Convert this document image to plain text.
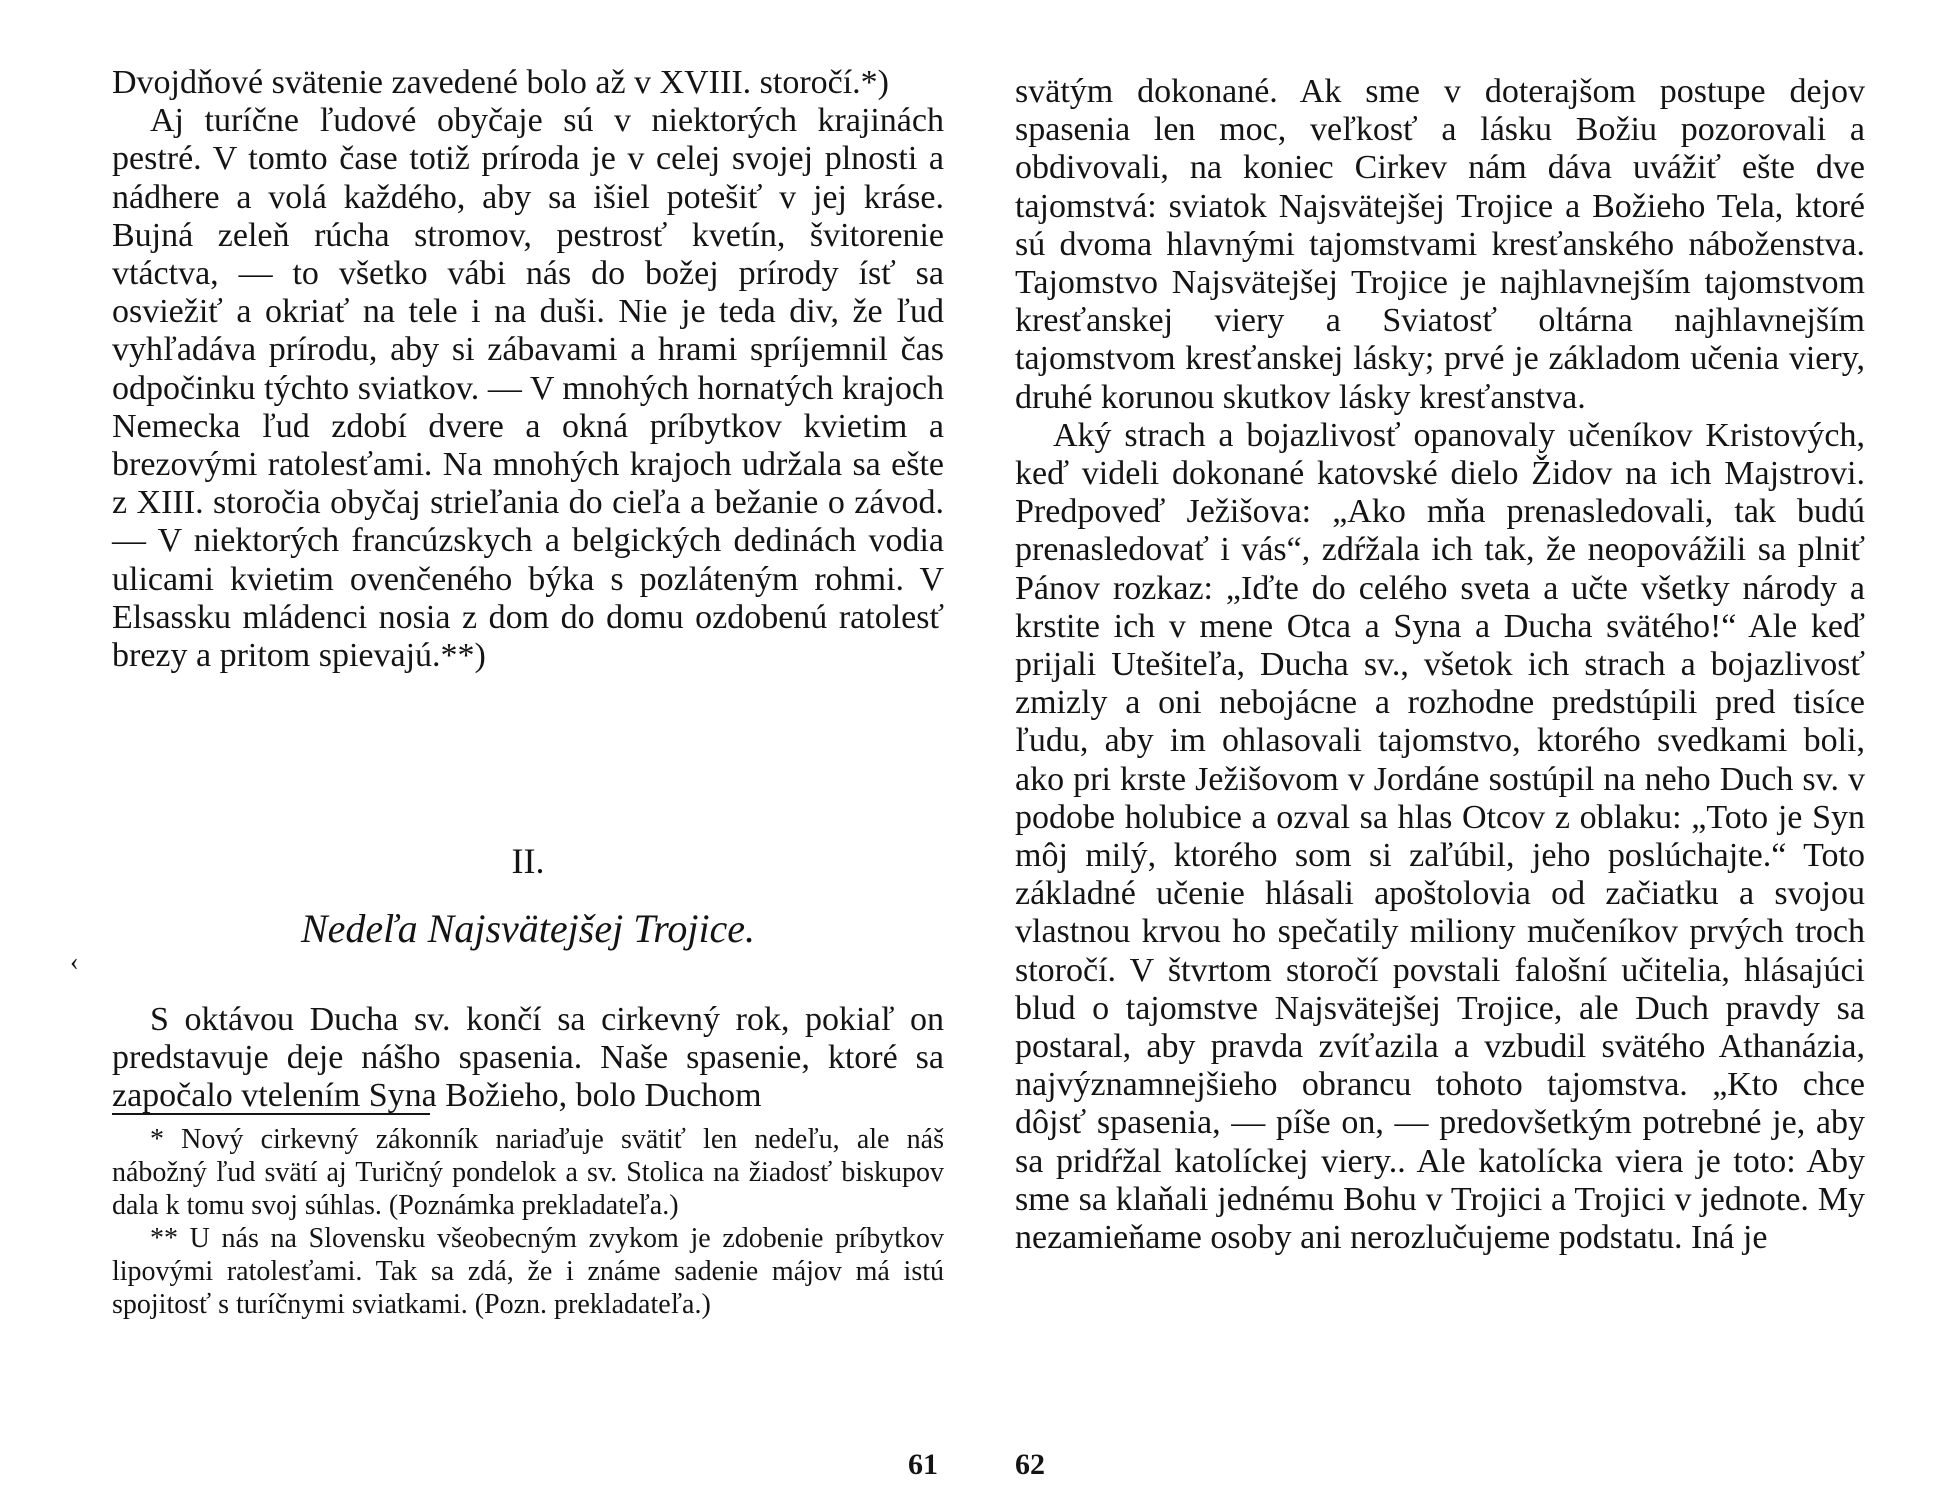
Dvojdňové svätenie zavedené bolo až v XVIII. storočí.*)

Aj turíčne ľudové obyčaje sú v niektorých krajinách pestré. V tomto čase totiž príroda je v celej svojej plnosti a nádhere a volá každého, aby sa išiel potešiť v jej kráse. Bujná zeleň rúcha stromov, pestrosť kvetín, švitorenie vtáctva, — to všetko vábi nás do božej prírody ísť sa osviežiť a okriať na tele i na duši. Nie je teda div, že ľud vyhľadáva prírodu, aby si zábavami a hrami spríjemnil čas odpočinku týchto sviatkov. — V mnohých hornatých krajoch Nemecka ľud zdobí dvere a okná príbytkov kvietim a brezovými ratolesťami. Na mnohých krajoch udržala sa ešte z XIII. storočia obyčaj strieľania do cieľa a bežanie o závod. — V niektorých francúzskych a belgických dedinách vodia ulicami kvietim ovenčeného býka s pozláteným rohmi. V Elsassku mládenci nosia z dom do domu ozdobenú ratolesť brezy a pritom spievajú.**)

II.
Nedeľa Najsvätejšej Trojice.
‹

S oktávou Ducha sv. končí sa cirkevný rok, pokiaľ on predstavuje deje nášho spasenia. Naše spasenie, ktoré sa započalo vtelením Syna Božieho, bolo Duchom

* Nový cirkevný zákonník nariaďuje svätiť len nedeľu, ale náš nábožný ľud svätí aj Turičný pondelok a sv. Stolica na žiadosť biskupov dala k tomu svoj súhlas. (Poznámka prekladateľa.)

** U nás na Slovensku všeobecným zvykom je zdobenie príbytkov lipovými ratolesťami. Tak sa zdá, že i známe sadenie májov má istú spojitosť s turíčnymi sviatkami. (Pozn. prekladateľa.)

61

svätým dokonané. Ak sme v doterajšom postupe dejov spasenia len moc, veľkosť a lásku Božiu pozorovali a obdivovali, na koniec Cirkev nám dáva uvážiť ešte dve tajomstvá: sviatok Najsvätejšej Trojice a Božieho Tela, ktoré sú dvoma hlavnými tajomstvami kresťanského náboženstva. Tajomstvo Najsvätejšej Trojice je najhlavnejším tajomstvom kresťanskej viery a Sviatosť oltárna najhlavnejším tajomstvom kresťanskej lásky; prvé je základom učenia viery, druhé korunou skutkov lásky kresťanstva.

Aký strach a bojazlivosť opanovaly učeníkov Kristových, keď videli dokonané katovské dielo Židov na ich Majstrovi. Predpoveď Ježišova: „Ako mňa prenasledovali, tak budú prenasledovať i vás“, zdŕžala ich tak, že neopovážili sa plniť Pánov rozkaz: „Iďte do celého sveta a učte všetky národy a krstite ich v mene Otca a Syna a Ducha svätého!“ Ale keď prijali Utešiteľa, Ducha sv., všetok ich strach a bojazlivosť zmizly a oni nebojácne a rozhodne predstúpili pred tisíce ľudu, aby im ohlasovali tajomstvo, ktorého svedkami boli, ako pri krste Ježišovom v Jordáne sostúpil na neho Duch sv. v podobe holubice a ozval sa hlas Otcov z oblaku: „Toto je Syn môj milý, ktorého som si zaľúbil, jeho poslúchajte.“ Toto základné učenie hlásali apoštolovia od začiatku a svojou vlastnou krvou ho spečatily miliony mučeníkov prvých troch storočí. V štvrtom storočí povstali falošní učitelia, hlásajúci blud o tajomstve Najsvätejšej Trojice, ale Duch pravdy sa postaral, aby pravda zvíťazila a vzbudil svätého Athanázia, najvýznamnejšieho obrancu tohoto tajomstva. „Kto chce dôjsť spasenia, — píše on, — predovšetkým potrebné je, aby sa pridŕžal katolíckej viery.. Ale katolícka viera je toto: Aby sme sa klaňali jednému Bohu v Trojici a Trojici v jednote. My nezamieňame osoby ani nerozlučujeme podstatu. Iná je

62
